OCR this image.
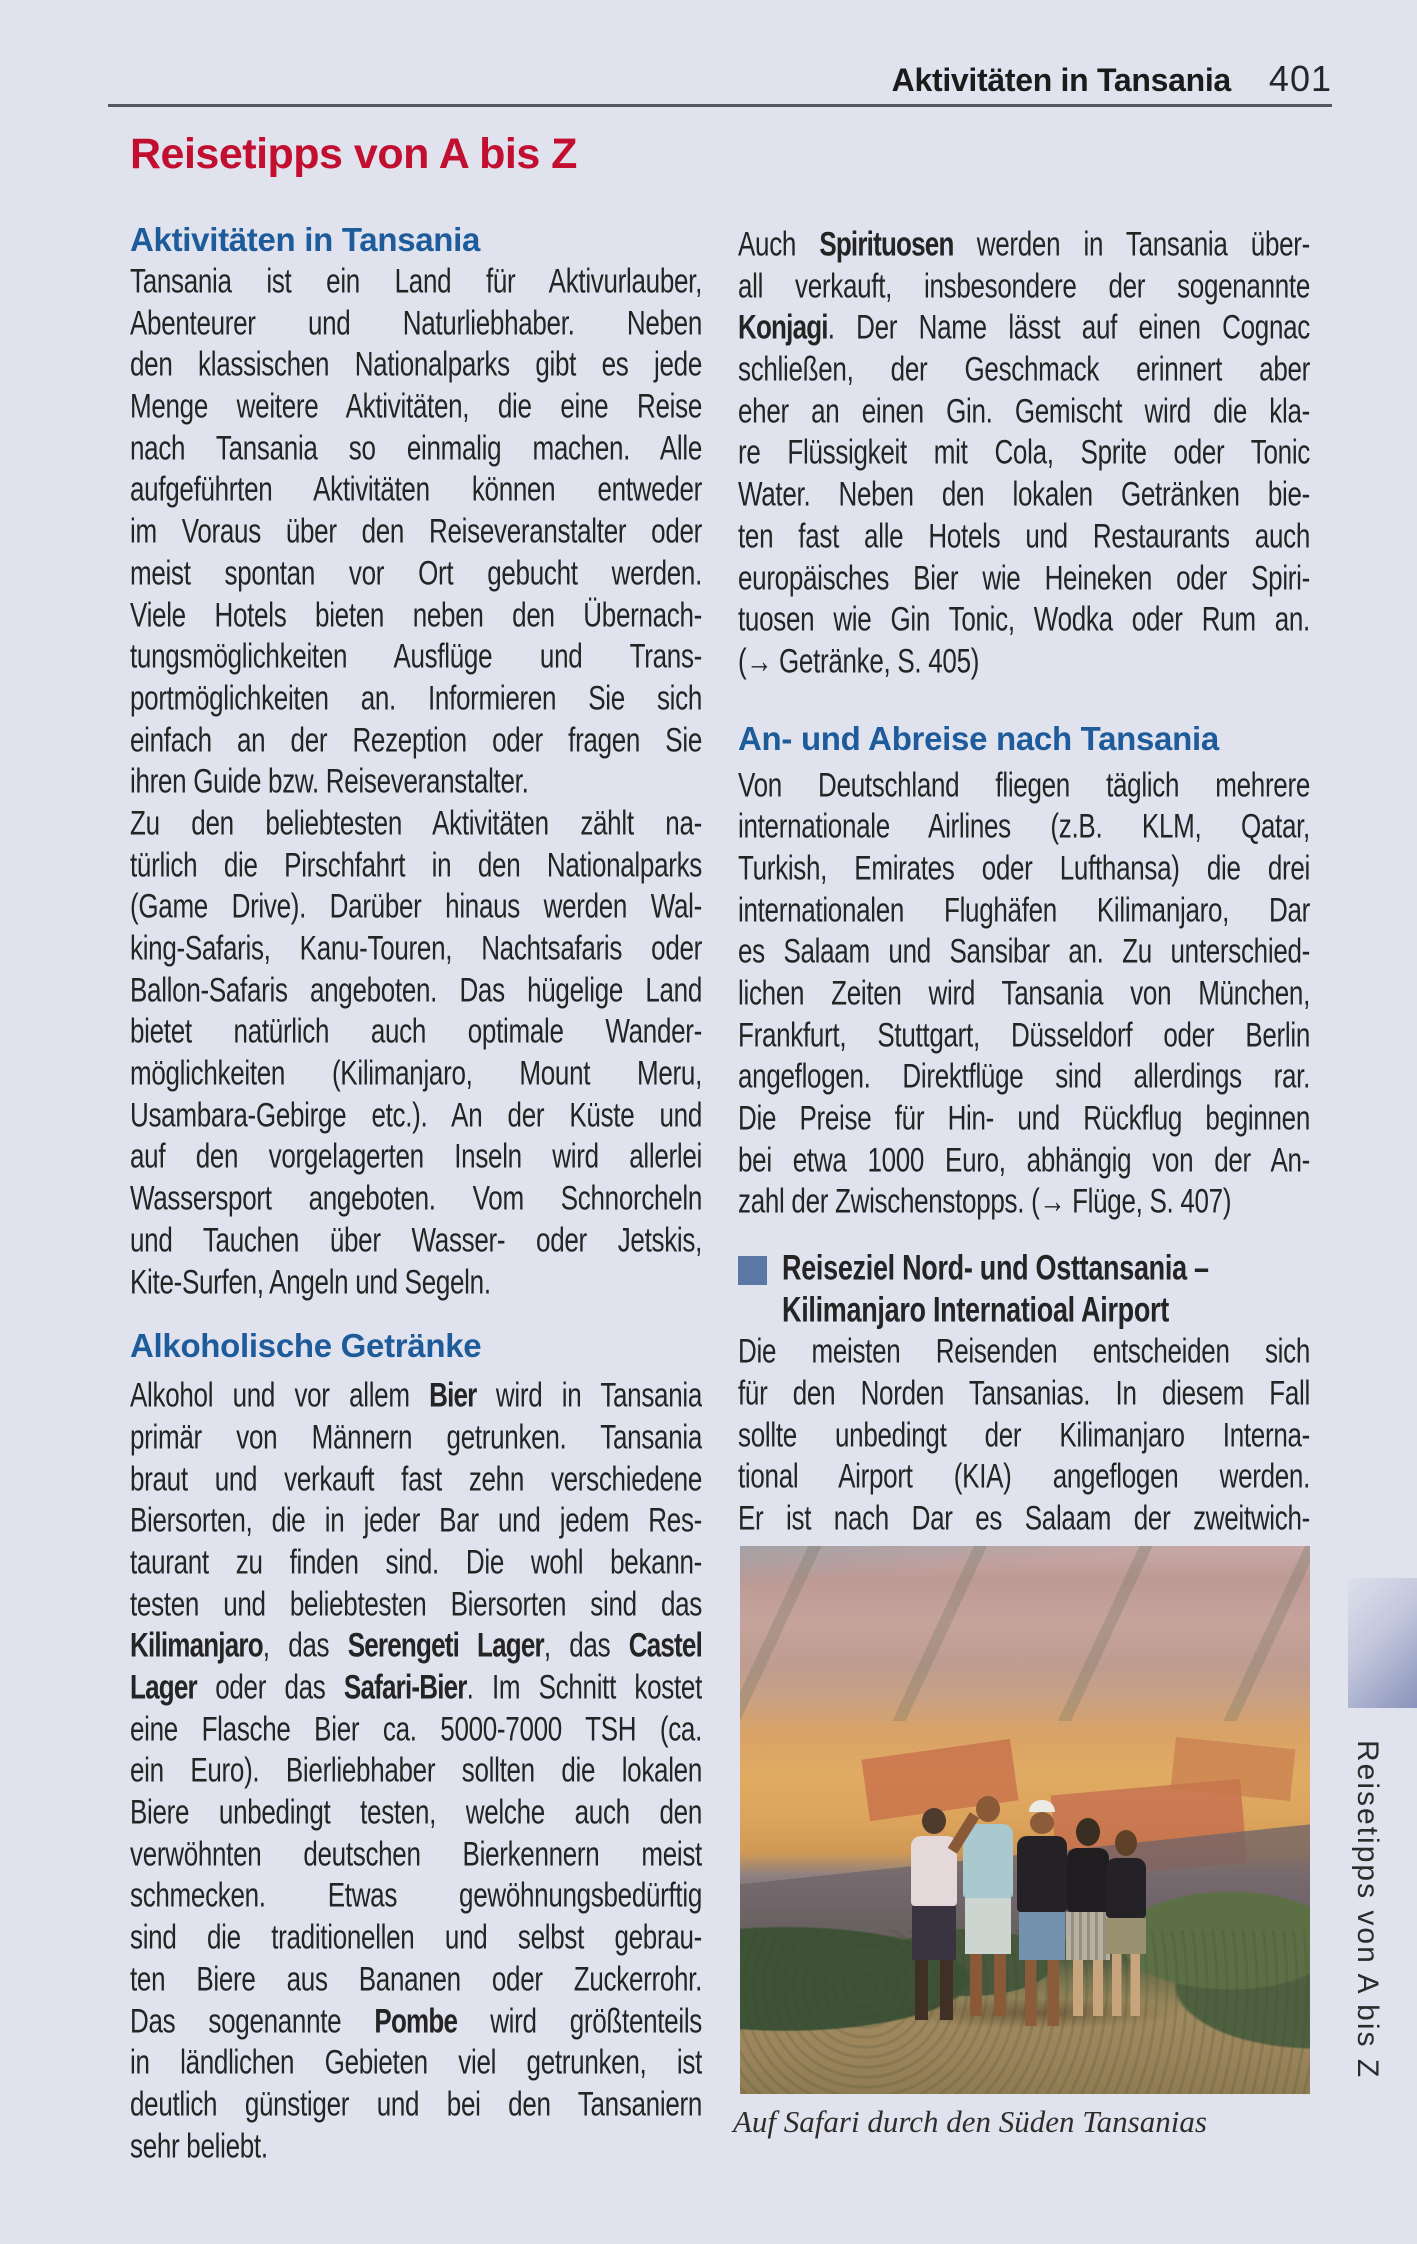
Aktivitäten in Tansania 401
Reisetipps von A bis Z
Aktivitäten in Tansania
Tansania ist ein Land für Aktivurlauber,
Abenteurer und Naturliebhaber. Neben
den klassischen Nationalparks gibt es jede
Menge weitere Aktivitäten, die eine Reise
nach Tansania so einmalig machen. Alle
aufgeführten Aktivitäten können entweder
im Voraus über den Reiseveranstalter oder
meist spontan vor Ort gebucht werden.
Viele Hotels bieten neben den Übernach-
tungsmöglichkeiten Ausflüge und Trans-
portmöglichkeiten an. Informieren Sie sich
einfach an der Rezeption oder fragen Sie
ihren Guide bzw. Reiseveranstalter.
Zu den beliebtesten Aktivitäten zählt na-
türlich die Pirschfahrt in den Nationalparks
(Game Drive). Darüber hinaus werden Wal-
king-Safaris, Kanu-Touren, Nachtsafaris oder
Ballon-Safaris angeboten. Das hügelige Land
bietet natürlich auch optimale Wander-
möglichkeiten (Kilimanjaro, Mount Meru,
Usambara-Gebirge etc.). An der Küste und
auf den vorgelagerten Inseln wird allerlei
Wassersport angeboten. Vom Schnorcheln
und Tauchen über Wasser- oder Jetskis,
Kite-Surfen, Angeln und Segeln.
Alkoholische Getränke
Alkohol und vor allem Bier wird in Tansania
primär von Männern getrunken. Tansania
braut und verkauft fast zehn verschiedene
Biersorten, die in jeder Bar und jedem Res-
taurant zu finden sind. Die wohl bekann-
testen und beliebtesten Biersorten sind das
Kilimanjaro, das Serengeti Lager, das Castel
Lager oder das Safari-Bier. Im Schnitt kostet
eine Flasche Bier ca. 5000-7000 TSH (ca.
ein Euro). Bierliebhaber sollten die lokalen
Biere unbedingt testen, welche auch den
verwöhnten deutschen Bierkennern meist
schmecken. Etwas gewöhnungsbedürftig
sind die traditionellen und selbst gebrau-
ten Biere aus Bananen oder Zuckerrohr.
Das sogenannte Pombe wird größtenteils
in ländlichen Gebieten viel getrunken, ist
deutlich günstiger und bei den Tansaniern
sehr beliebt.
Auch Spirituosen werden in Tansania über-
all verkauft, insbesondere der sogenannte
Konjagi. Der Name lässt auf einen Cognac
schließen, der Geschmack erinnert aber
eher an einen Gin. Gemischt wird die kla-
re Flüssigkeit mit Cola, Sprite oder Tonic
Water. Neben den lokalen Getränken bie-
ten fast alle Hotels und Restaurants auch
europäisches Bier wie Heineken oder Spiri-
tuosen wie Gin Tonic, Wodka oder Rum an.
(→ Getränke, S. 405)
An- und Abreise nach Tansania
Von Deutschland fliegen täglich mehrere
internationale Airlines (z.B. KLM, Qatar,
Turkish, Emirates oder Lufthansa) die drei
internationalen Flughäfen Kilimanjaro, Dar
es Salaam und Sansibar an. Zu unterschied-
lichen Zeiten wird Tansania von München,
Frankfurt, Stuttgart, Düsseldorf oder Berlin
angeflogen. Direktflüge sind allerdings rar.
Die Preise für Hin- und Rückflug beginnen
bei etwa 1000 Euro, abhängig von der An-
zahl der Zwischenstopps. (→ Flüge, S. 407)
Reiseziel Nord- und Osttansania –
Kilimanjaro Internatioal Airport
Die meisten Reisenden entscheiden sich
für den Norden Tansanias. In diesem Fall
sollte unbedingt der Kilimanjaro Interna-
tional Airport (KIA) angeflogen werden.
Er ist nach Dar es Salaam der zweitwich-

Auf Safari durch den Süden Tansanias

Reisetipps von A bis Z
